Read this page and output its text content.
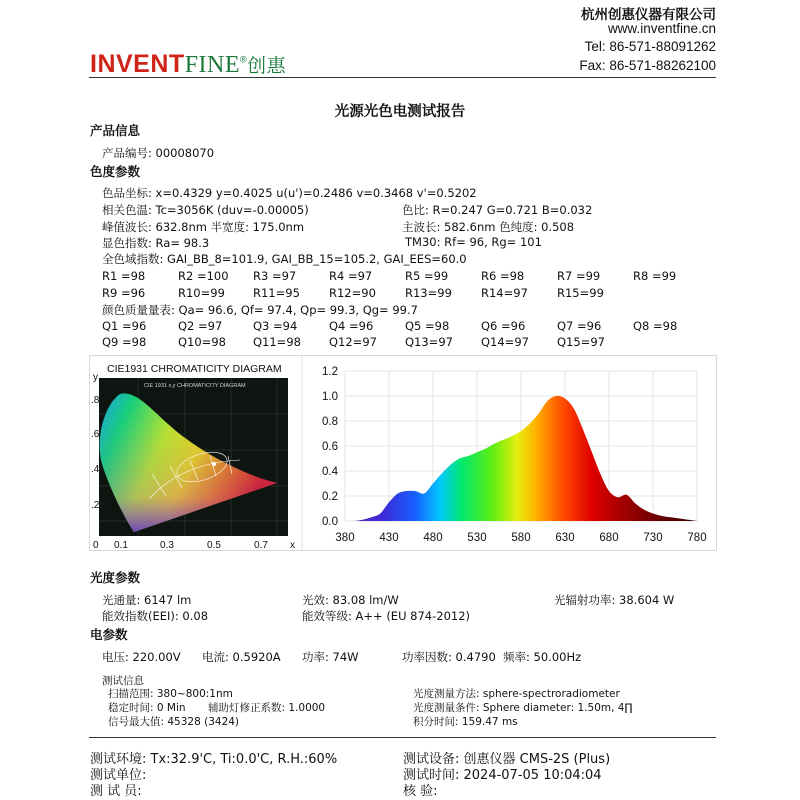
INVENTFINE®创惠
杭州创惠仪器有限公司
www.inventfine.cn
Tel: 86-571-88091262
Fax: 86-571-88262100
光源光色电测试报告
产品信息
产品编号: 00008070
色度参数
色品坐标: x=0.4329 y=0.4025 u(u')=0.2486 v=0.3468 v'=0.5202
相关色温: Tc=3056K (duv=-0.00005)	色比: R=0.247 G=0.721 B=0.032
峰值波长: 632.8nm 半宽度: 175.0nm	主波长: 582.6nm 色纯度: 0.508
显色指数: Ra= 98.3	TM30: Rf= 96, Rg= 101
全色域指数: GAI_BB_8=101.9, GAI_BB_15=105.2, GAI_EES=60.0
R1 =98	R2 =100 R3 =97	R4 =97	R5 =99	R6 =98	R7 =99	R8 =99
R9 =96	R10=99 R11=95	R12=90	R13=99	R14=97	R15=99
颜色质量量表: Qa= 96.6, Qf= 97.4, Qp= 99.3, Qg= 99.7
Q1 =96	Q2 =97	Q3 =94	Q4 =96	Q5 =98	Q6 =96	Q7 =96	Q8 =98
Q9 =98	Q10=98 Q11=98 Q12=97 Q13=97 Q14=97 Q15=97
CIE1931 CHROMATICITY DIAGRAM
y
.8
.6
.4
.2
CIE 1931 x,y CHROMATICITY DIAGRAM
0 0.1	0.3	0.5	0.7 x
0.0
0.2
0.4
0.6
0.8
1.0
1.2
380 430 480 530 580 630 680 730 780
光度参数
光通量: 6147 lm	光效: 83.08 lm/W	光辐射功率: 38.604 W
能效指数(EEI): 0.08	能效等级: A++ (EU 874-2012)
电参数
电压: 220.00V 电流: 0.5920A 功率: 74W	功率因数: 0.4790 频率: 50.00Hz
测试信息
扫描范围: 380~800:1nm
稳定时间: 0 Min 辅助灯修正系数: 1.0000
信号最大值: 45328 (3424)
光度测量方法: sphere-spectroradiometer
光度测量条件: Sphere diameter: 1.50m, 4∏
积分时间: 159.47 ms
测试环境: Tx:32.9'C, Ti:0.0'C, R.H.:60%
测试单位:
测 试 员:
测试设备: 创惠仪器 CMS-2S (Plus)
测试时间: 2024-07-05 10:04:04
核 验:
